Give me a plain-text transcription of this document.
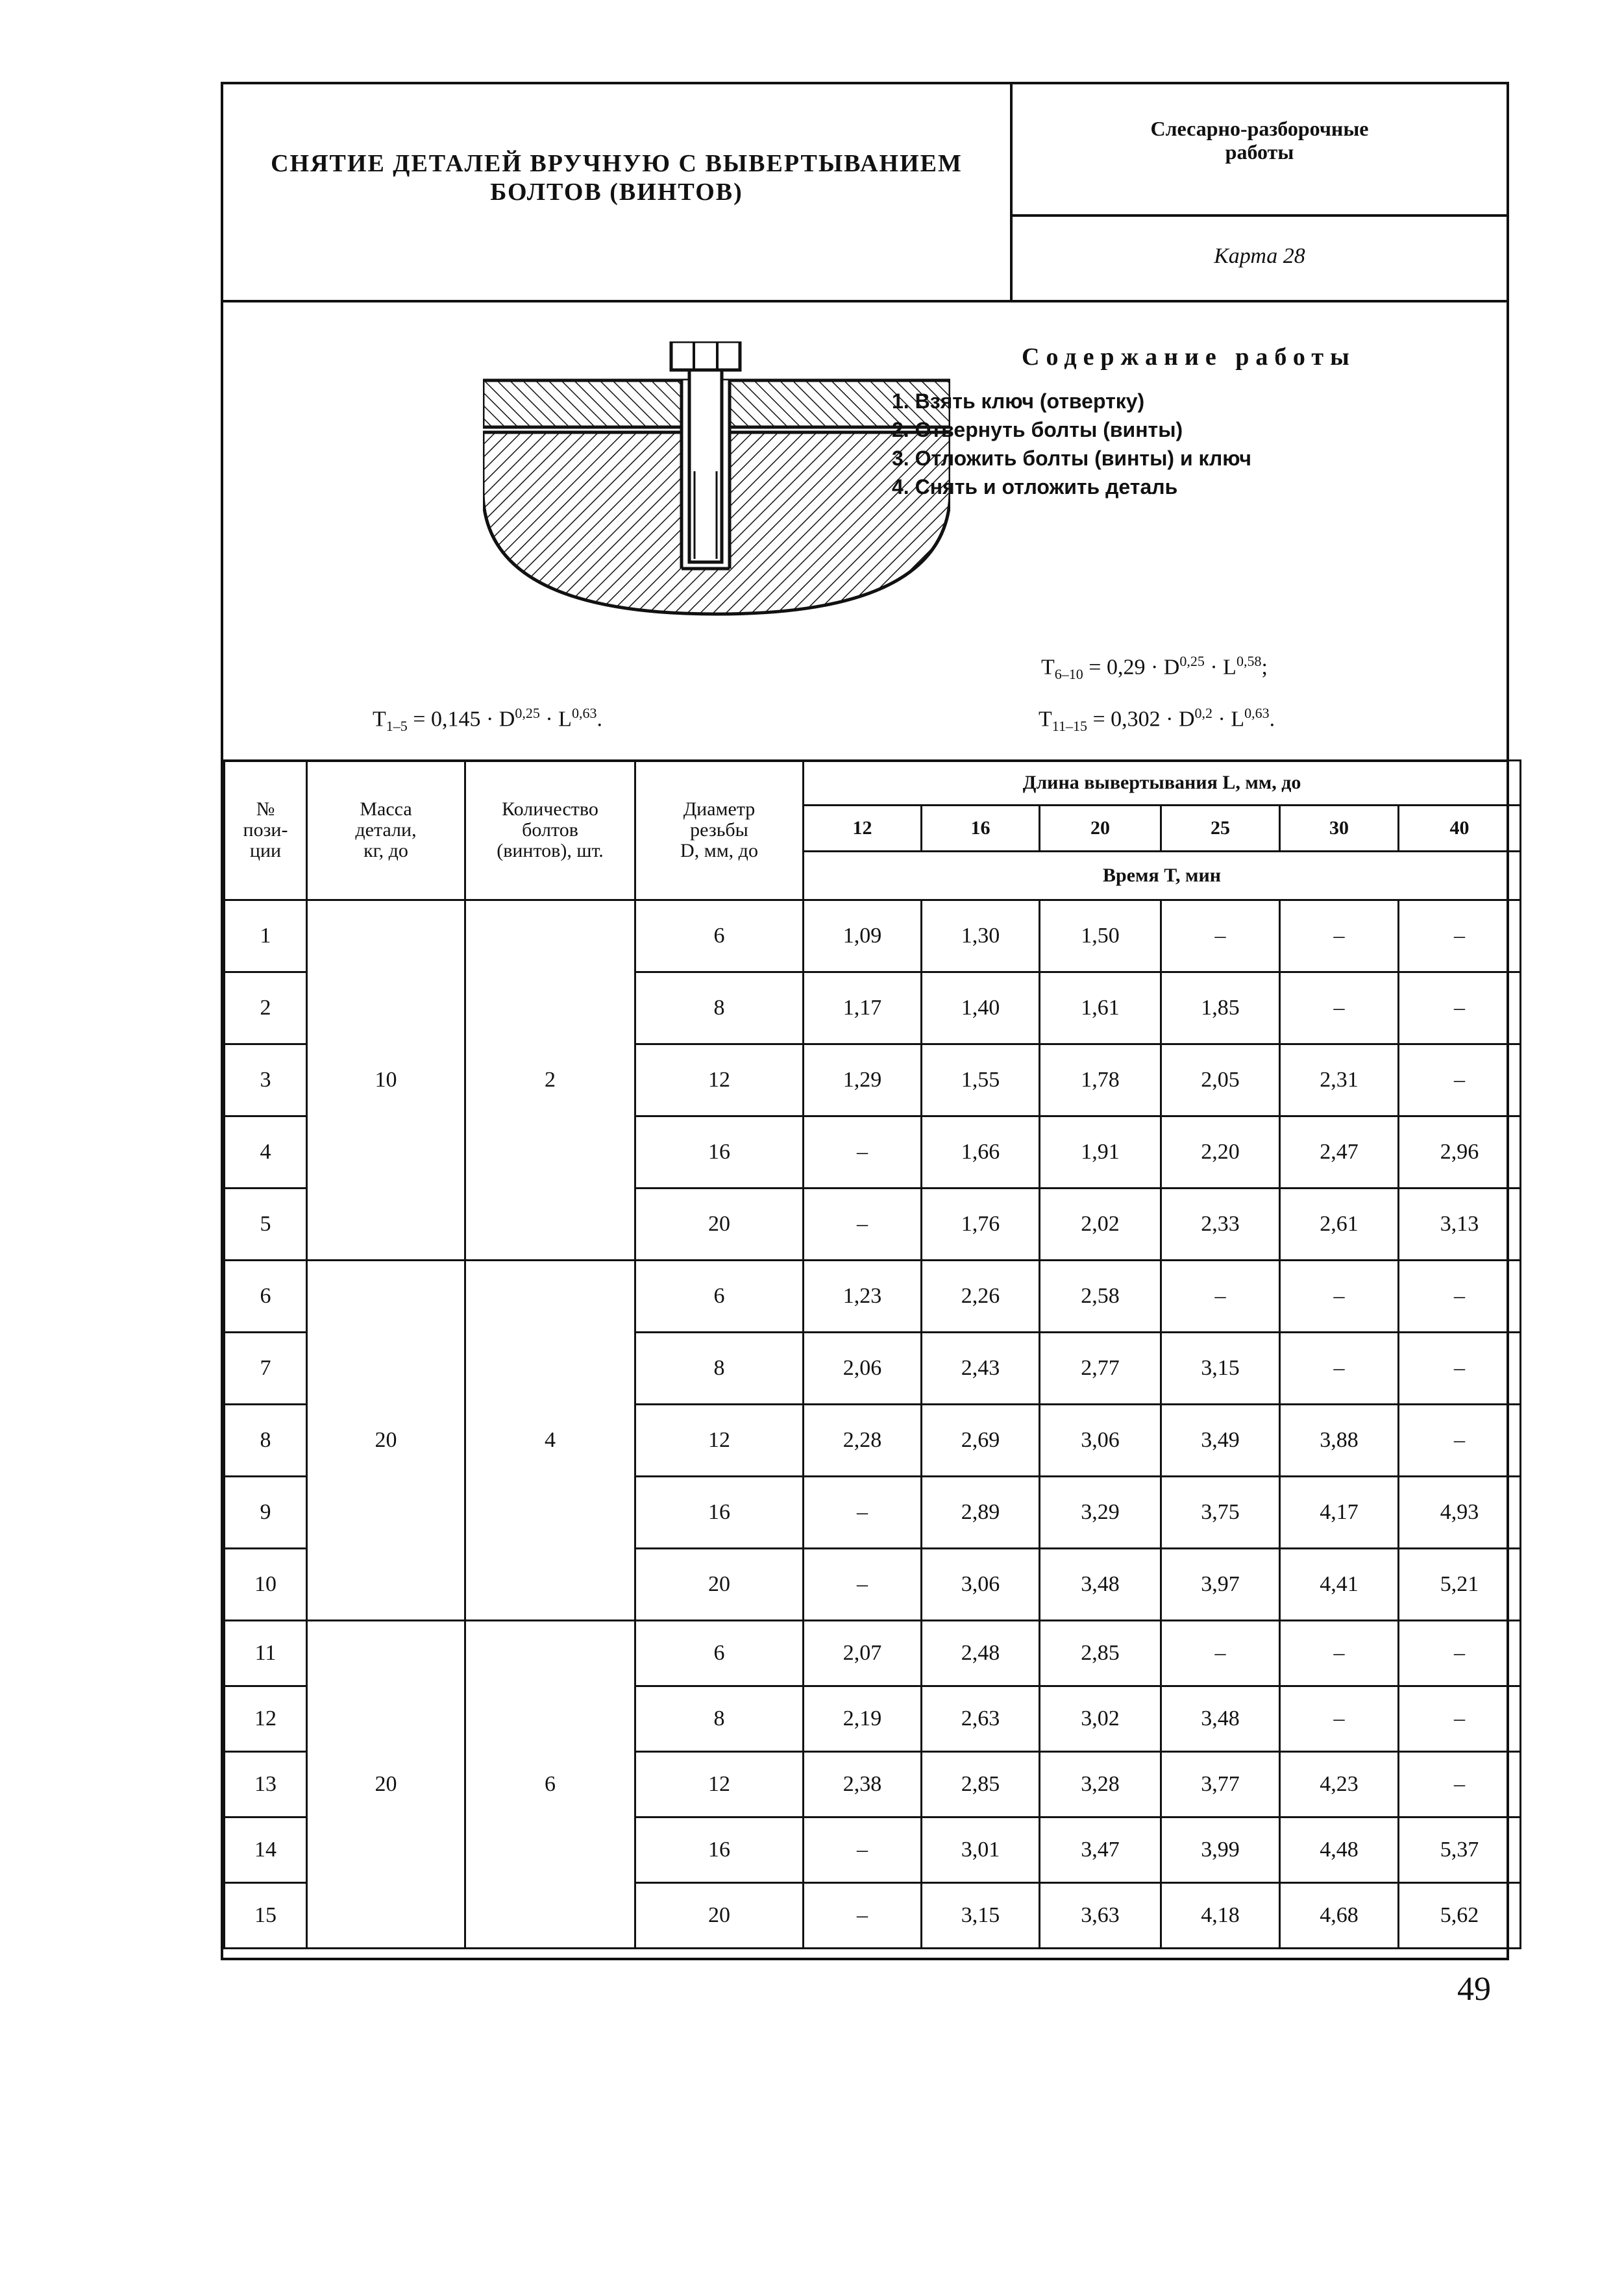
СНЯТИЕ ДЕТАЛЕЙ ВРУЧНУЮ С ВЫВЕРТЫВАНИЕМ
БОЛТОВ (ВИНТОВ)
Слесарно-разборочные
работы
Карта 28
Содержание работы
1. Взять ключ (отвертку)
2. Отвернуть болты (винты)
3. Отложить болты (винты) и ключ
4. Снять и отложить деталь
$T_{1-5} = 0,145 \cdot D^{0,25} \cdot L^{0,63}$.
$T_{6-10} = 0,29 \cdot D^{0,25} \cdot L^{0,58}$;
$T_{11-15} = 0,302 \cdot D^{0,2} \cdot L^{0,63}$.
№
пози-
ции	Масса
детали,
кг, до	Количество
болтов
(винтов), шт.	Диаметр
резьбы
D, мм, до	Длина вывертывания L, мм, до					
				12	16	20	25	30	40
				Время T, мин					
1	10	2	6	1,09	1,30	1,50	–	–	–
2			8	1,17	1,40	1,61	1,85	–	–
3			12	1,29	1,55	1,78	2,05	2,31	–
4			16	–	1,66	1,91	2,20	2,47	2,96
5			20	–	1,76	2,02	2,33	2,61	3,13
6	20	4	6	1,23	2,26	2,58	–	–	–
7			8	2,06	2,43	2,77	3,15	–	–
8			12	2,28	2,69	3,06	3,49	3,88	–
9			16	–	2,89	3,29	3,75	4,17	4,93
10			20	–	3,06	3,48	3,97	4,41	5,21
11	20	6	6	2,07	2,48	2,85	–	–	–
12			8	2,19	2,63	3,02	3,48	–	–
13			12	2,38	2,85	3,28	3,77	4,23	–
14			16	–	3,01	3,47	3,99	4,48	5,37
15			20	–	3,15	3,63	4,18	4,68	5,62
49
